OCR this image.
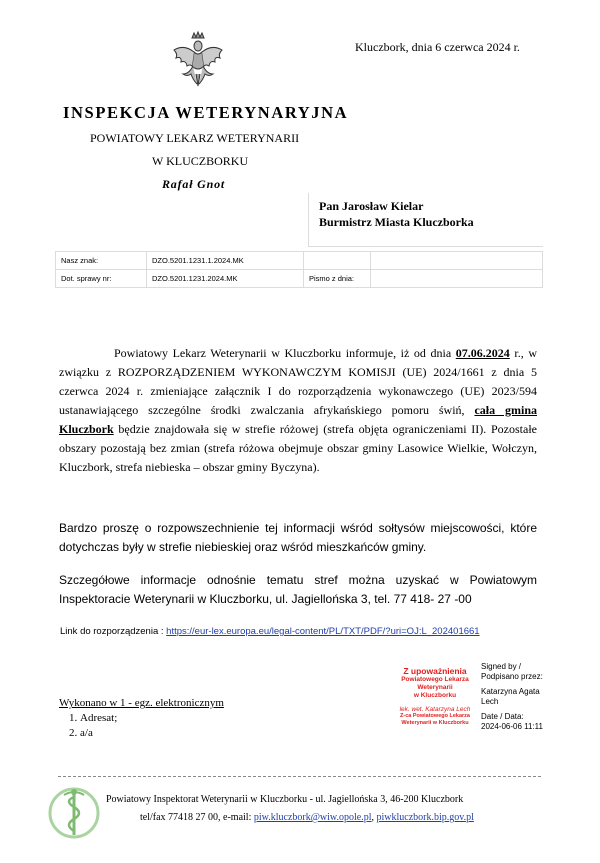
Kluczbork, dnia 6 czerwca 2024 r.
INSPEKCJA WETERYNARYJNA
POWIATOWY LEKARZ WETERYNARII
W KLUCZBORKU
Rafał Gnot
Pan Jarosław Kielar
Burmistrz Miasta Kluczborka
Nasz znak:	DZO.5201.1231.1.2024.MK		
Dot. sprawy nr:	DZO.5201.1231.2024.MK	Pismo z dnia:	
Powiatowy Lekarz Weterynarii w Kluczborku informuje, iż od dnia 07.06.2024 r., w związku z ROZPORZĄDZENIEM WYKONAWCZYM KOMISJI (UE) 2024/1661 z dnia 5 czerwca 2024 r. zmieniające załącznik I do rozporządzenia wykonawczego (UE) 2023/594 ustanawiającego szczególne środki zwalczania afrykańskiego pomoru świń, cała gmina Kluczbork będzie znajdowała się w strefie różowej (strefa objęta ograniczeniami II). Pozostałe obszary pozostają bez zmian (strefa różowa obejmuje obszar gminy Lasowice Wielkie, Wołczyn, Kluczbork, strefa niebieska – obszar gminy Byczyna).
Bardzo proszę o rozpowszechnienie tej informacji wśród sołtysów miejscowości, które dotychczas były w strefie niebieskiej oraz wśród mieszkańców gminy.
Szczegółowe informacje odnośnie tematu stref można uzyskać w Powiatowym Inspektoracie Weterynarii w Kluczborku, ul. Jagiellońska 3, tel. 77 418- 27 -00
Link do rozporządzenia : https://eur-lex.europa.eu/legal-content/PL/TXT/PDF/?uri=OJ:L_202401661
Z upoważnienia
Powiatowego Lekarza
Weterynarii
w Kluczborku
lek. wet. Katarzyna Lech
Z-ca Powiatowego Lekarza
Weterynarii w Kluczborku
Signed by /
Podpisano przez:
Katarzyna Agata
Lech
Date / Data:
2024-06-06 11:11
Wykonano w 1 - egz. elektronicznym
1. Adresat;
2. a/a
Powiatowy Inspektorat Weterynarii w Kluczborku - ul. Jagiellońska 3, 46-200 Kluczbork
tel/fax 77418 27 00, e-mail: piw.kluczbork@wiw.opole.pl, piwkluczbork.bip.gov.pl
